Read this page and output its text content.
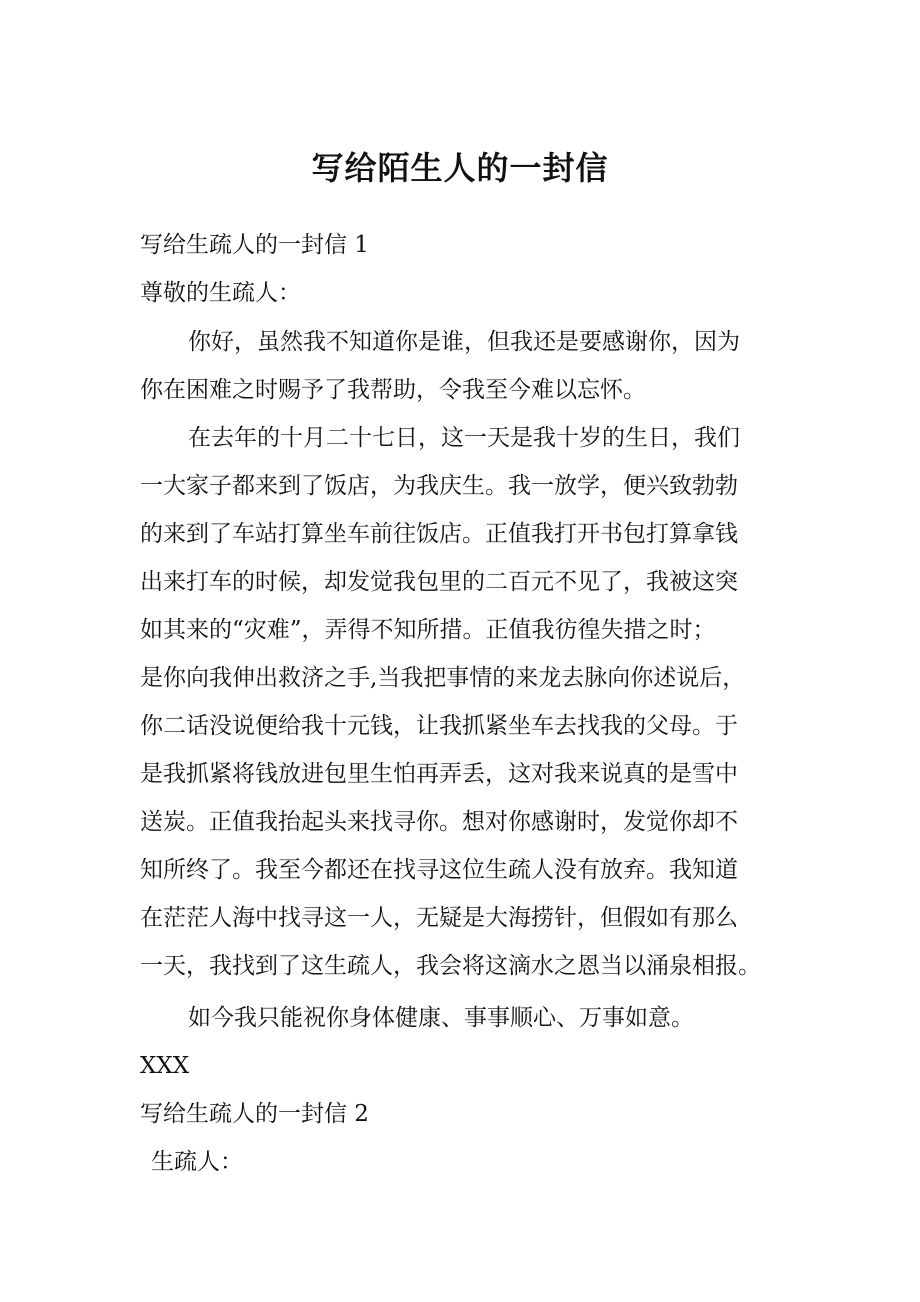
写给陌生人的一封信
写给生疏人的一封信 1
尊敬的生疏人：
你好，虽然我不知道你是谁，但我还是要感谢你，因为
你在困难之时赐予了我帮助，令我至今难以忘怀。
在去年的十月二十七日，这一天是我十岁的生日，我们
一大家子都来到了饭店，为我庆生。我一放学，便兴致勃勃
的来到了车站打算坐车前往饭店。正值我打开书包打算拿钱
出来打车的时候，却发觉我包里的二百元不见了，我被这突
如其来的“灾难”，弄得不知所措。正值我彷徨失措之时；
是你向我伸出救济之手,当我把事情的来龙去脉向你述说后，
你二话没说便给我十元钱，让我抓紧坐车去找我的父母。于
是我抓紧将钱放进包里生怕再弄丢，这对我来说真的是雪中
送炭。正值我抬起头来找寻你。想对你感谢时，发觉你却不
知所终了。我至今都还在找寻这位生疏人没有放弃。我知道
在茫茫人海中找寻这一人，无疑是大海捞针，但假如有那么
一天，我找到了这生疏人，我会将这滴水之恩当以涌泉相报。
如今我只能祝你身体健康、事事顺心、万事如意。
XXX
写给生疏人的一封信 2
生疏人：
